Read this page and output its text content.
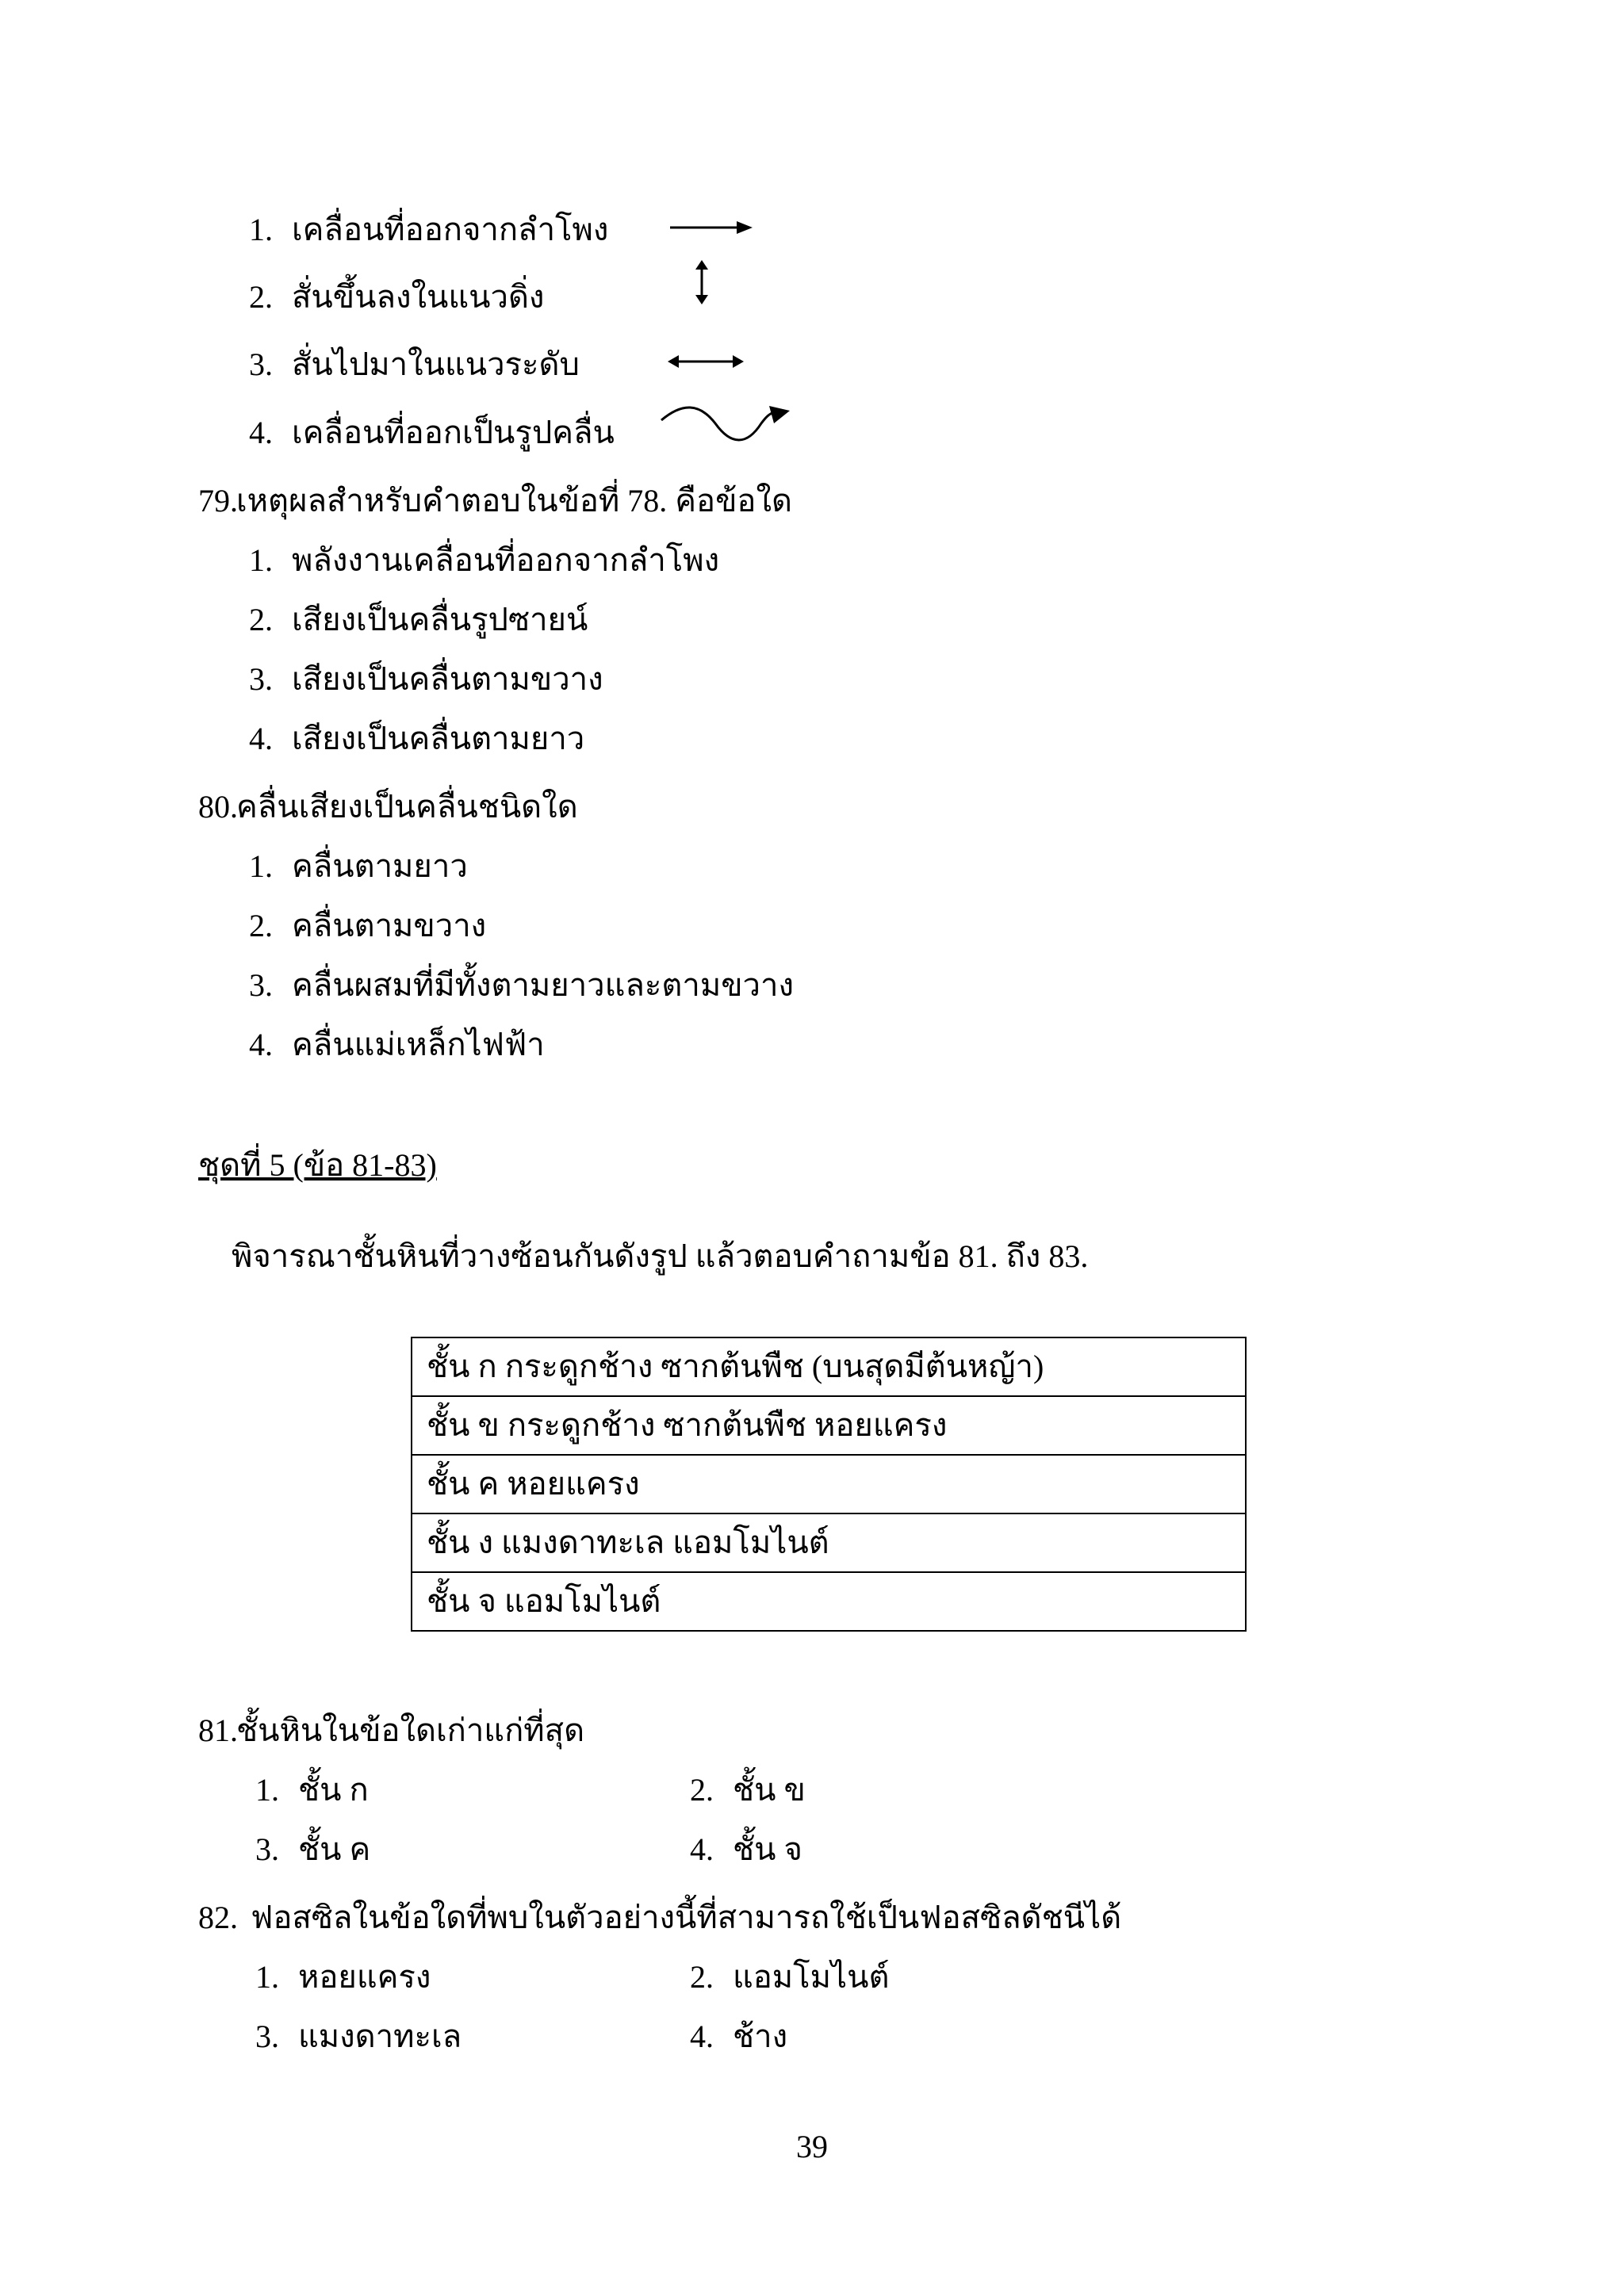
1. เคลื่อนที่ออกจากลำโพง
2. สั่นขึ้นลงในแนวดิ่ง
3. สั่นไปมาในแนวระดับ
4. เคลื่อนที่ออกเป็นรูปคลื่น
79.เหตุผลสำหรับคำตอบในข้อที่ 78. คือข้อใด
1. พลังงานเคลื่อนที่ออกจากลำโพง
2. เสียงเป็นคลื่นรูปซายน์
3. เสียงเป็นคลื่นตามขวาง
4. เสียงเป็นคลื่นตามยาว
80.คลื่นเสียงเป็นคลื่นชนิดใด
1. คลื่นตามยาว
2. คลื่นตามขวาง
3. คลื่นผสมที่มีทั้งตามยาวและตามขวาง
4. คลื่นแม่เหล็กไฟฟ้า
ชุดที่ 5 (ข้อ 81-83)
พิจารณาชั้นหินที่วางซ้อนกันดังรูป แล้วตอบคำถามข้อ 81. ถึง 83.
ชั้น ก กระดูกช้าง ซากต้นพืช (บนสุดมีต้นหญ้า)
ชั้น ข กระดูกช้าง ซากต้นพืช หอยแครง
ชั้น ค หอยแครง
ชั้น ง แมงดาทะเล แอมโมไนต์
ชั้น จ แอมโมไนต์
81.ชั้นหินในข้อใดเก่าแก่ที่สุด
1. ชั้น ก	2. ชั้น ข
3. ชั้น ค	4. ชั้น จ
82. ฟอสซิลในข้อใดที่พบในตัวอย่างนี้ที่สามารถใช้เป็นฟอสซิลดัชนีได้
1. หอยแครง	2. แอมโมไนต์
3. แมงดาทะเล	4. ช้าง
39
